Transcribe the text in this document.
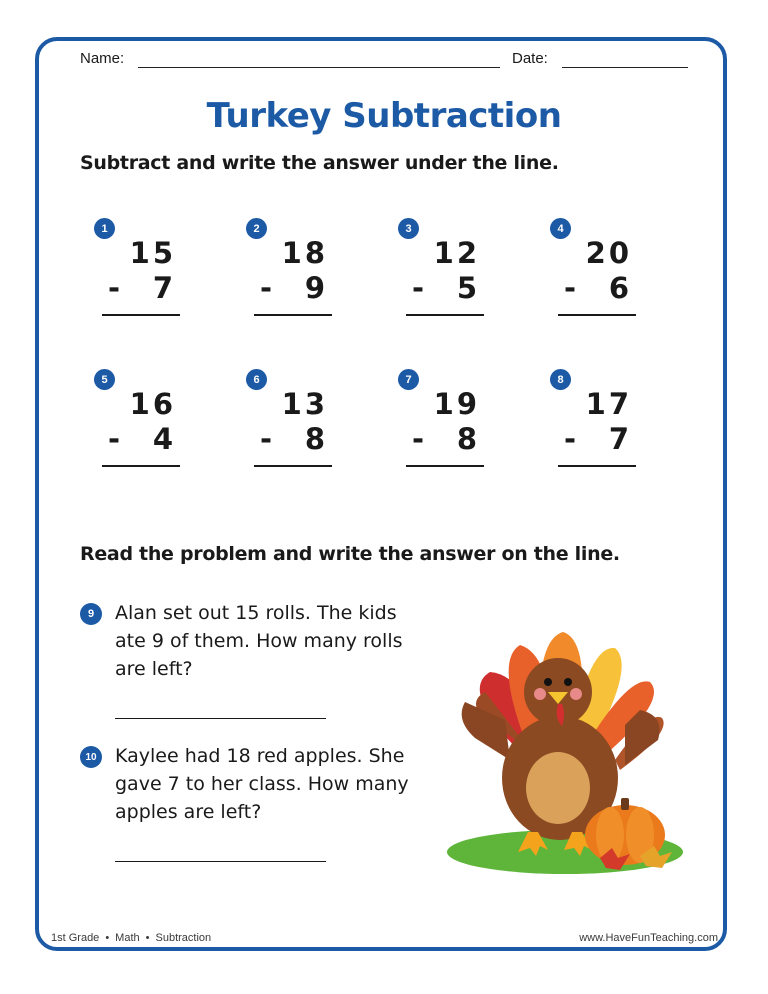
Name:	Date:
Turkey Subtraction
Subtract and write the answer under the line.
1
15
- 7
2
18
- 9
3
12
- 5
4
20
- 6
5
16
- 4
6
13
- 8
7
19
- 8
8
17
- 7
Read the problem and write the answer on the line.
9	Alan set out 15 rolls. The kids ate 9 of them. How many rolls are left?
10 Kaylee had 18 red apples. She gave 7 to her class. How many apples are left?
1st Grade • Math • Subtraction	www.HaveFunTeaching.com
